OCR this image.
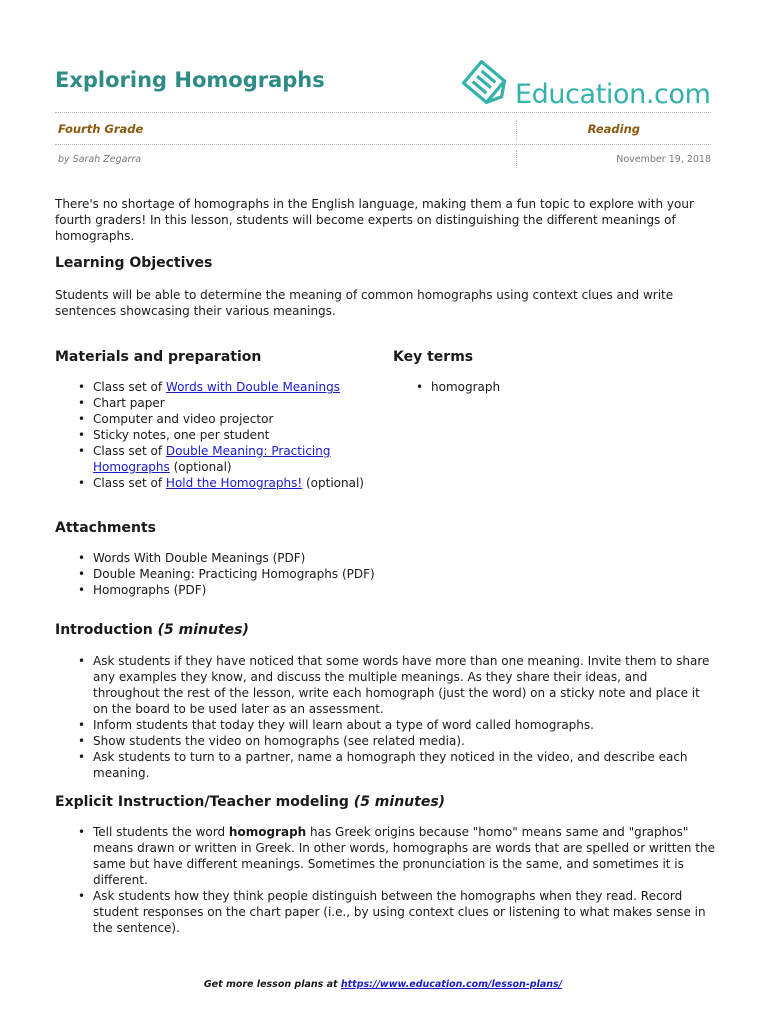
Exploring Homographs	Education.com
Fourth Grade	Reading
by Sarah Zegarra	November 19, 2018

There's no shortage of homographs in the English language, making them a fun topic to explore with your fourth graders! In this lesson, students will become experts on distinguishing the different meanings of homographs.

Learning Objectives

Students will be able to determine the meaning of common homographs using context clues and write sentences showcasing their various meanings.

Materials and preparation
• Class set of Words with Double Meanings
• Chart paper
• Computer and video projector
• Sticky notes, one per student
• Class set of Double Meaning: Practicing
Homographs (optional)
• Class set of Hold the Homographs! (optional)
Key terms
• homograph
Attachments
• Words With Double Meanings (PDF)
• Double Meaning: Practicing Homographs (PDF)
• Homographs (PDF)
Introduction (5 minutes)
• Ask students if they have noticed that some words have more than one meaning. Invite them to share any examples they know, and discuss the multiple meanings. As they share their ideas, and throughout the rest of the lesson, write each homograph (just the word) on a sticky note and place it on the board to be used later as an assessment.
• Inform students that today they will learn about a type of word called homographs.
• Show students the video on homographs (see related media).
• Ask students to turn to a partner, name a homograph they noticed in the video, and describe each meaning.
Explicit Instruction/Teacher modeling (5 minutes)
• Tell students the word homograph has Greek origins because "homo" means same and "graphos" means drawn or written in Greek. In other words, homographs are words that are spelled or written the same but have different meanings. Sometimes the pronunciation is the same, and sometimes it is different.
• Ask students how they think people distinguish between the homographs when they read. Record student responses on the chart paper (i.e., by using context clues or listening to what makes sense in the sentence).
Get more lesson plans at https://www.education.com/lesson-plans/
